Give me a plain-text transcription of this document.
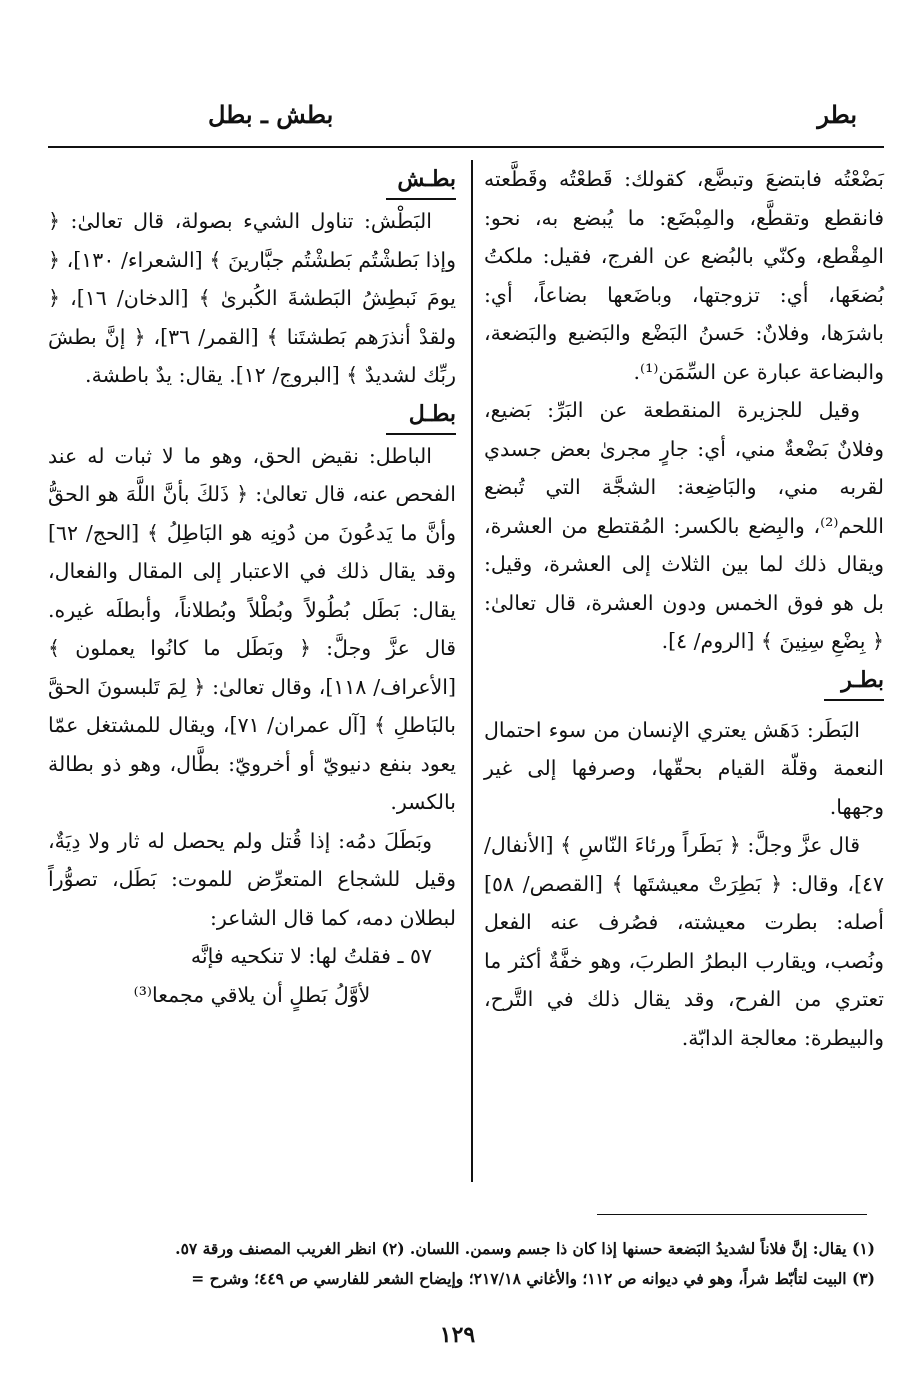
بطر
بطش ـ بطل

بَضْعْتُه فابتضعَ وتبضَّع، كقولك: قَطعْتُه وقَطَّعته فانقطع وتقطَّع، والمِبْضَع: ما يُبضع به، نحو: المِقْطع، وكنّي بالبُضع عن الفرج، فقيل: ملكتُ بُضعَها، أي: تزوجتها، وباضَعها بضاعاً، أي: باشرَها، وفلانٌ: حَسنُ البَضْع والبَضيع والبَضعة، والبضاعة عبارة عن السِّمَن⁽¹⁾.

وقيل للجزيرة المنقطعة عن البَرِّ: بَضيع، وفلانٌ بَضْعةٌ مني، أي: جارٍ مجرىٰ بعض جسدي لقربه مني، والبَاضِعة: الشجَّة التي تُبضع اللحم⁽²⁾، والبِضع بالكسر: المُقتطع من العشرة، ويقال ذلك لما بين الثلاث إلى العشرة، وقيل: بل هو فوق الخمس ودون العشرة، قال تعالىٰ: ﴿ بِضْعِ سِنِينَ ﴾ [الروم/ ٤].

بطـر

البَطَر: دَهَش يعتري الإنسان من سوء احتمال النعمة وقلّة القيام بحقّها، وصرفها إلى غير وجهها.

قال عزَّ وجلَّ: ﴿ بَطَراً ورئاءَ النّاسِ ﴾ [الأنفال/ ٤٧]، وقال: ﴿ بَطِرَتْ معيشتَها ﴾ [القصص/ ٥٨] أصله: بطرت معيشته، فصُرف عنه الفعل ونُصب، ويقارب البطرُ الطربَ، وهو خفَّةٌ أكثر ما تعتري من الفرح، وقد يقال ذلك في التَّرح، والبيطرة: معالجة الدابّة.

بطـش

البَطْش: تناول الشيء بصولة، قال تعالىٰ: ﴿ وإذا بَطشْتُم بَطشْتُم جبَّارينَ ﴾ [الشعراء/ ١٣٠]، ﴿ يومَ نَبطِشُ البَطشةَ الكُبرىٰ ﴾ [الدخان/ ١٦]، ﴿ ولقدْ أنذرَهم بَطشتَنا ﴾ [القمر/ ٣٦]، ﴿ إنَّ بطشَ ربِّك لشديدٌ ﴾ [البروج/ ١٢]. يقال: يدٌ باطشة.

بطـل

الباطل: نقيض الحق، وهو ما لا ثبات له عند الفحص عنه، قال تعالىٰ: ﴿ ذَلكَ بأنَّ اللَّهَ هو الحقُّ وأنَّ ما يَدعُونَ من دُونِه هو البَاطِلُ ﴾ [الحج/ ٦٢] وقد يقال ذلك في الاعتبار إلى المقال والفعال، يقال: بَطَل بُطُولاً وبُطْلاً وبُطلاناً، وأبطلَه غيره. قال عزَّ وجلَّ: ﴿ وبَطَل ما كانُوا يعملون ﴾ [الأعراف/ ١١٨]، وقال تعالىٰ: ﴿ لِمَ تَلبسونَ الحقَّ بالبَاطلِ ﴾ [آل عمران/ ٧١]، ويقال للمشتغل عمّا يعود بنفع دنيويّ أو أخرويّ: بطَّال، وهو ذو بطالة بالكسر.

وبَطَلَ دمُه: إذا قُتل ولم يحصل له ثار ولا دِيَةٌ، وقيل للشجاع المتعرِّض للموت: بَطَل، تصوُّراً لبطلان دمه، كما قال الشاعر:

٥٧ ـ فقلتُ لها: لا تنكحيه فإنَّه

لأوَّلُ بَطلٍ أن يلاقي مجمعا⁽³⁾

(١) يقال: إنَّ فلاناً لشديدُ البَضعة حسنها إذا كان ذا جسم وسمن. اللسان. (٢) انظر الغريب المصنف ورقة ٥٧.

(٣) البيت لتأبّط شراً، وهو في ديوانه ص ١١٢؛ والأغاني ٢١٧/١٨؛ وإيضاح الشعر للفارسي ص ٤٤٩؛ وشرح =

١٢٩
